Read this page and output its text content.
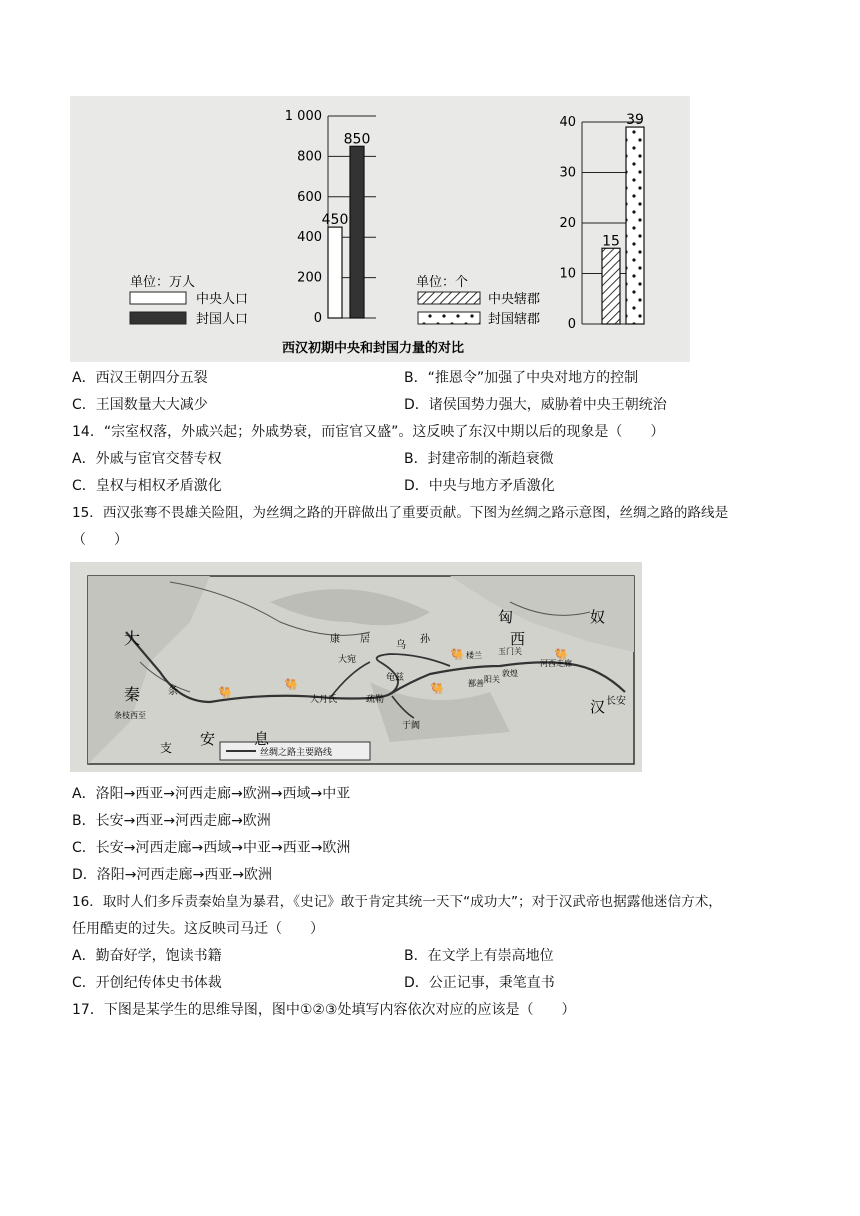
1 000
800
600
400
200
0
450
850
40
30
20
10
0
15
39
单位：万人
中央人口
封国人口
单位：个
中央辖郡
封国辖郡
西汉初期中央和封国力量的对比
A．西汉王朝四分五裂	B．“推恩令”加强了中央对地方的控制
C．王国数量大大减少	D．诸侯国势力强大，威胁着中央王朝统治
14．“宗室权落，外戚兴起；外戚势衰，而宦官又盛”。这反映了东汉中期以后的现象是（　　）
A．外戚与宦官交替专权	B．封建帝制的渐趋衰微
C．皇权与相权矛盾激化	D．中央与地方矛盾激化
15．西汉张骞不畏雄关险阻，为丝绸之路的开辟做出了重要贡献。下图为丝绸之路示意图，丝绸之路的路线是
（　　）
丝绸之路主要路线
匈	奴
大
秦
安	息
支
汉
西
康 居
乌
孙
大宛
大月氏	疏勒
龟兹
于阗
楼兰 玉门关
敦煌
阳关
河西走廊
长安
鄯善
条
条枝西至
🐫
🐫	🐫
🐫	🐫
A．洛阳→西亚→河西走廊→欧洲→西域→中亚
B．长安→西亚→河西走廊→欧洲
C．长安→河西走廊→西域→中亚→西亚→欧洲
D．洛阳→河西走廊→西亚→欧洲
16．取时人们多斥责秦始皇为暴君，《史记》敢于肯定其统一天下“成功大”；对于汉武帝也据露他迷信方术，
任用酷吏的过失。这反映司马迁（　　）
A．勤奋好学，饱读书籍	B．在文学上有崇高地位
C．开创纪传体史书体裁	D．公正记事，秉笔直书
17．下图是某学生的思维导图，图中①②③处填写内容依次对应的应该是（　　）
